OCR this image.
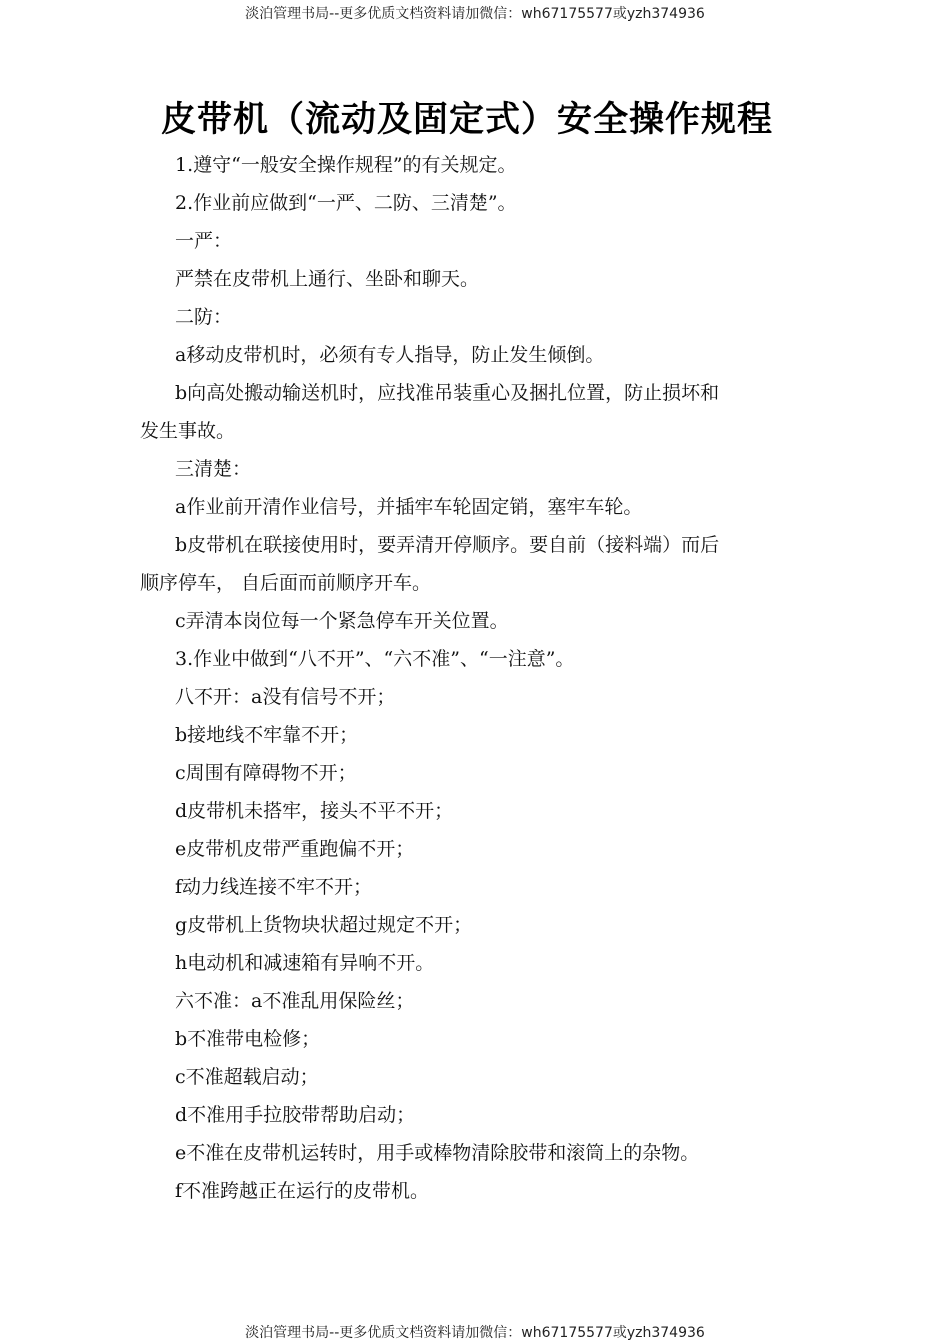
淡泊管理书局--更多优质文档资料请加微信：wh67175577或yzh374936
皮带机（流动及固定式）安全操作规程
1.遵守“一般安全操作规程”的有关规定。
2.作业前应做到“一严、二防、三清楚”。
一严：
严禁在皮带机上通行、坐卧和聊天。
二防：
a移动皮带机时，必须有专人指导，防止发生倾倒。
b向高处搬动输送机时，应找准吊装重心及捆扎位置，防止损坏和
发生事故。
三清楚：
a作业前开清作业信号，并插牢车轮固定销，塞牢车轮。
b皮带机在联接使用时，要弄清开停顺序。要自前（接料端）而后
顺序停车， 自后面而前顺序开车。
c弄清本岗位每一个紧急停车开关位置。
3.作业中做到“八不开”、“六不准”、“一注意”。
八不开：a没有信号不开；
b接地线不牢靠不开；
c周围有障碍物不开；
d皮带机未搭牢，接头不平不开；
e皮带机皮带严重跑偏不开；
f动力线连接不牢不开；
g皮带机上货物块状超过规定不开；
h电动机和减速箱有异响不开。
六不准：a不准乱用保险丝；
b不准带电检修；
c不准超载启动；
d不准用手拉胶带帮助启动；
e不准在皮带机运转时，用手或棒物清除胶带和滚筒上的杂物。
f不准跨越正在运行的皮带机。
淡泊管理书局--更多优质文档资料请加微信：wh67175577或yzh374936
